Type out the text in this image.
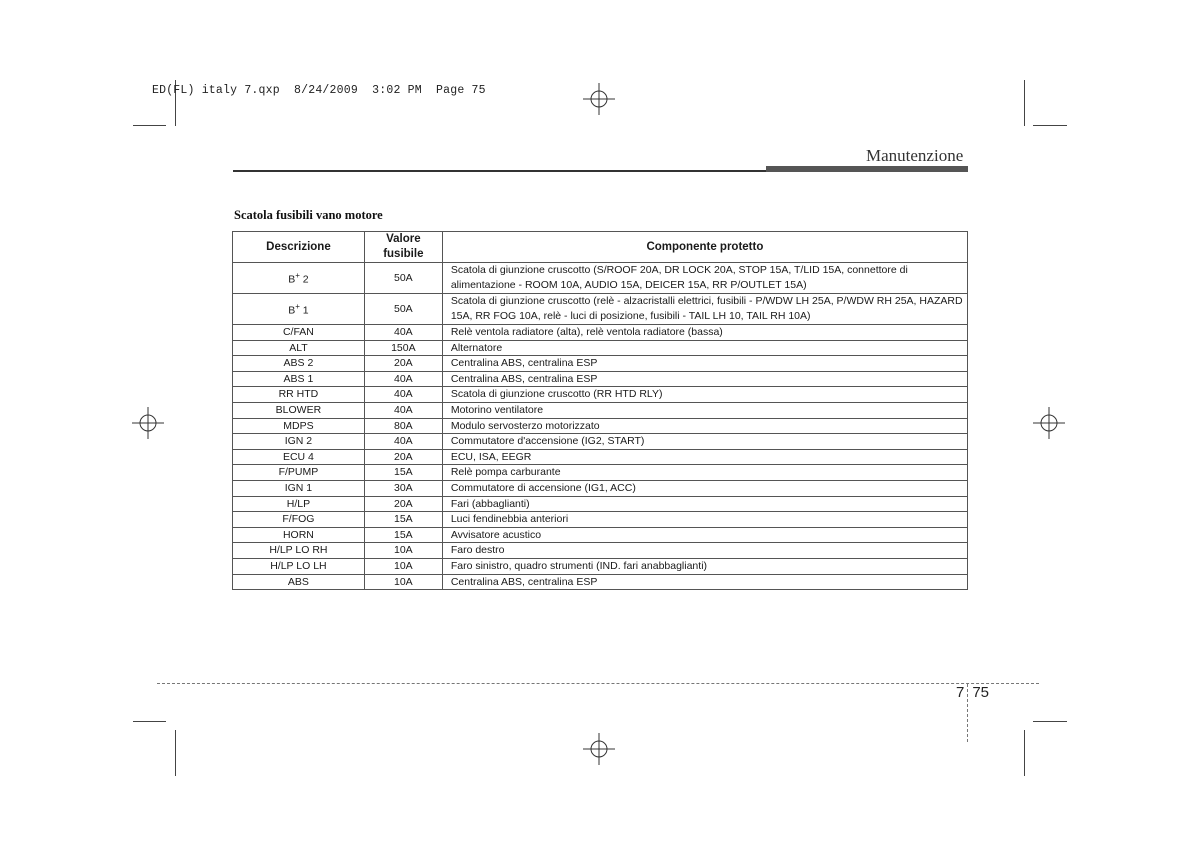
ED(FL) italy 7.qxp  8/24/2009  3:02 PM  Page 75
Manutenzione
Scatola fusibili vano motore
Descrizione	Valore fusibile	Componente protetto
B+ 2	50A	Scatola di giunzione cruscotto (S/ROOF 20A, DR LOCK 20A, STOP 15A, T/LID 15A, connettore di alimentazione - ROOM 10A, AUDIO 15A, DEICER 15A, RR P/OUTLET 15A)
B+ 1	50A	Scatola di giunzione cruscotto (relè - alzacristalli elettrici, fusibili - P/WDW LH 25A, P/WDW RH 25A, HAZARD 15A, RR FOG 10A, relè - luci di posizione, fusibili - TAIL LH 10, TAIL RH 10A)
C/FAN	40A	Relè ventola radiatore (alta), relè ventola radiatore (bassa)
ALT	150A	Alternatore
ABS 2	20A	Centralina ABS, centralina ESP
ABS 1	40A	Centralina ABS, centralina ESP
RR HTD	40A	Scatola di giunzione cruscotto (RR HTD RLY)
BLOWER	40A	Motorino ventilatore
MDPS	80A	Modulo servosterzo motorizzato
IGN 2	40A	Commutatore d'accensione (IG2, START)
ECU 4	20A	ECU, ISA, EEGR
F/PUMP	15A	Relè pompa carburante
IGN 1	30A	Commutatore di accensione (IG1, ACC)
H/LP	20A	Fari (abbaglianti)
F/FOG	15A	Luci fendinebbia anteriori
HORN	15A	Avvisatore acustico
H/LP LO RH	10A	Faro destro
H/LP LO LH	10A	Faro sinistro, quadro strumenti (IND. fari anabbaglianti)
ABS	10A	Centralina ABS, centralina ESP
7 75
